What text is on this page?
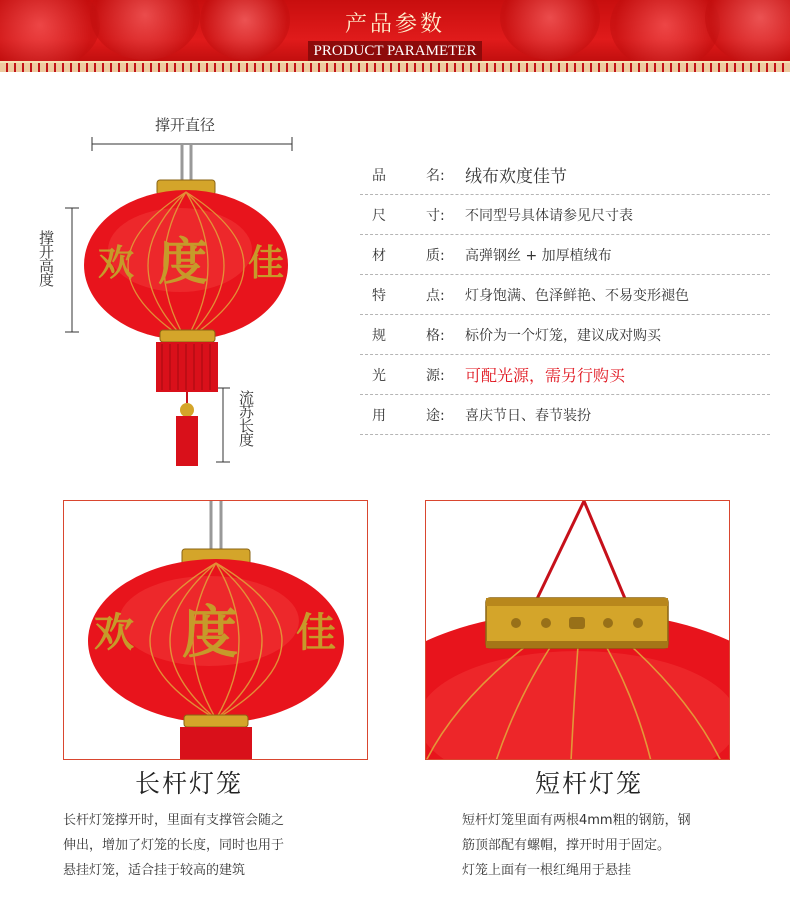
产品参数
PRODUCT PARAMETER
欢 度 佳
撑开直径
撑开高度
流苏长度
品	名: 绒布欢度佳节
尺	寸: 不同型号具体请参见尺寸表
材	质: 高弹钢丝 + 加厚植绒布
特	点: 灯身饱满、色泽鲜艳、不易变形褪色
规	格: 标价为一个灯笼，建议成对购买
光	源: 可配光源，需另行购买
用	途: 喜庆节日、春节装扮
欢 度 佳
长杆灯笼
长杆灯笼撑开时，里面有支撑管会随之
伸出，增加了灯笼的长度，同时也用于
悬挂灯笼，适合挂于较高的建筑
短杆灯笼
短杆灯笼里面有两根4mm粗的钢筋，钢
筋顶部配有螺帽，撑开时用于固定。
灯笼上面有一根红绳用于悬挂
